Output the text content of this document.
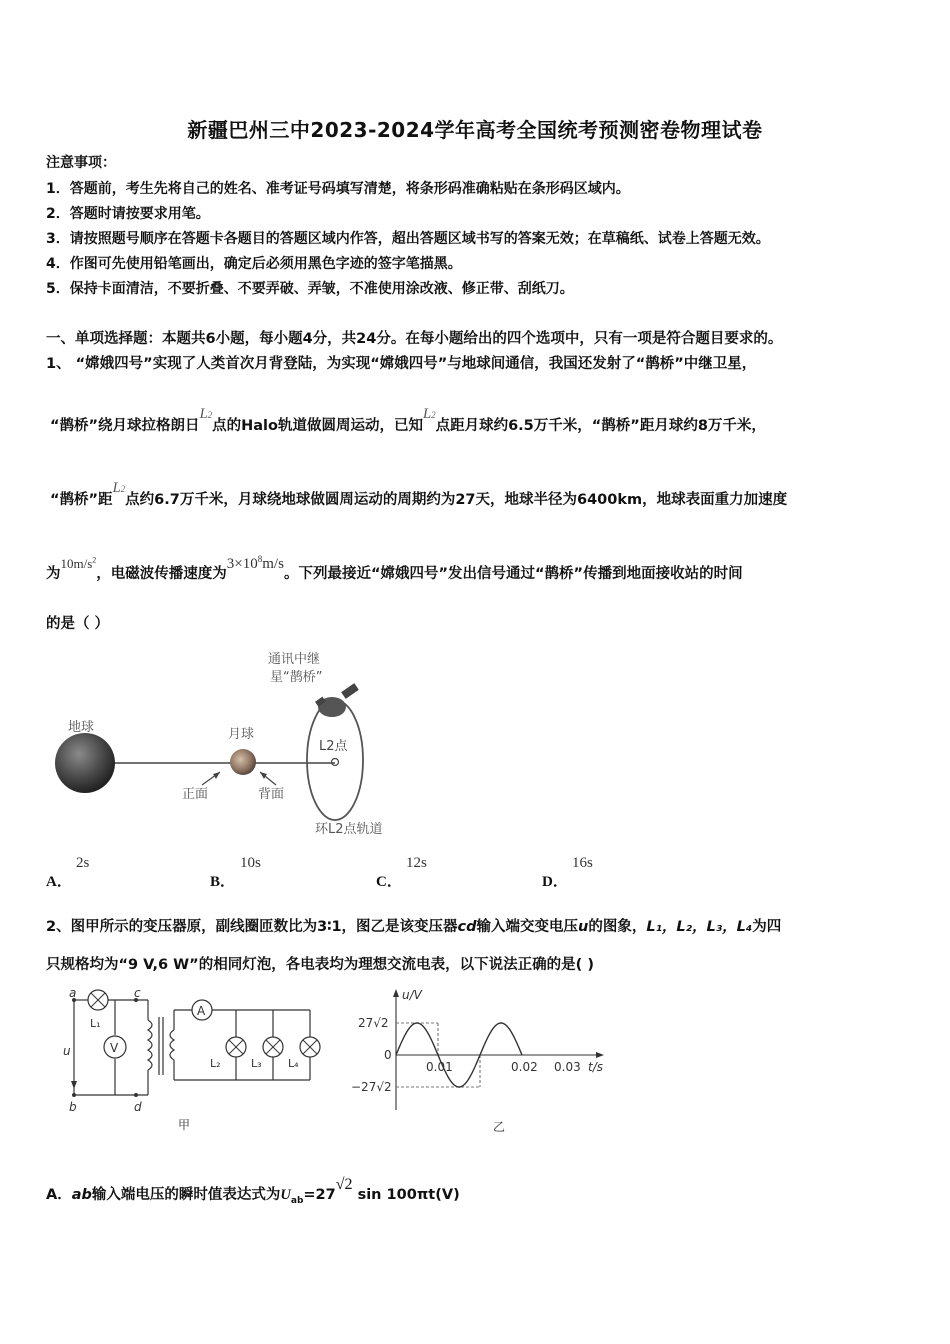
新疆巴州三中2023-2024学年高考全国统考预测密卷物理试卷
注意事项：
1．答题前，考生先将自己的姓名、准考证号码填写清楚，将条形码准确粘贴在条形码区域内。
2．答题时请按要求用笔。
3．请按照题号顺序在答题卡各题目的答题区域内作答，超出答题区域书写的答案无效；在草稿纸、试卷上答题无效。
4．作图可先使用铅笔画出，确定后必须用黑色字迹的签字笔描黑。
5．保持卡面清洁，不要折叠、不要弄破、弄皱，不准使用涂改液、修正带、刮纸刀。
一、单项选择题：本题共6小题，每小题4分，共24分。在每小题给出的四个选项中，只有一项是符合题目要求的。
1、 “嫦娥四号”实现了人类首次月背登陆，为实现“嫦娥四号”与地球间通信，我国还发射了“鹊桥”中继卫星，
“鹊桥”绕月球拉格朗日L2点的Halo轨道做圆周运动，已知L2点距月球约6.5万千米，“鹊桥”距月球约8万千米，
“鹊桥”距L2点约6.7万千米，月球绕地球做圆周运动的周期约为27天，地球半径为6400km，地球表面重力加速度
为$10m/s^2$，电磁波传播速度为$3\times 10^8m/s$。下列最接近“嫦娥四号”发出信号通过“鹊桥”传播到地面接收站的时间
的是（ ）
地球	月球
正面	背面
L2点
通讯中继
星“鹊桥”
环L2点轨道
A．
2s
B．
10s
C．
12s
D．
16s
2、图甲所示的变压器原，副线圈匝数比为3∶1，图乙是该变压器cd输入端交变电压u的图象，L₁，L₂，L₃，L₄为四
只规格均为“9 V,6 W”的相同灯泡，各电表均为理想交流电表，以下说法正确的是( )
V
A
a
b
c
d
u
L₁
L₂	L₃ L₄
甲
u/V
27√2
0
−27√2
0.01	0.02 0.03 t/s
乙
A．ab输入端电压的瞬时值表达式为$U_{ab}=27√2$ sin 100πt(V)
